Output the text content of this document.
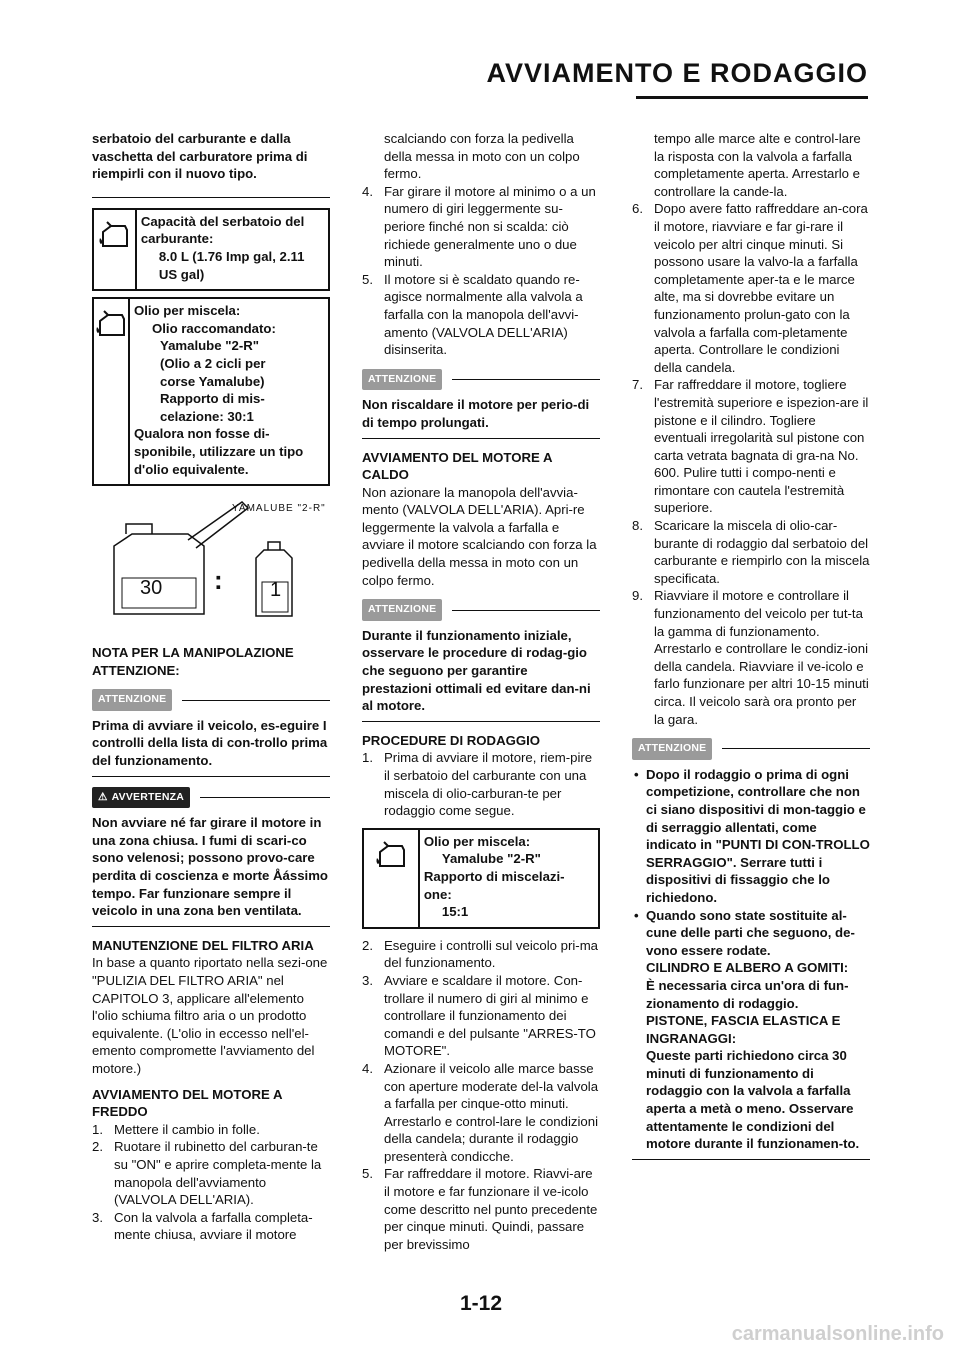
AVVIAMENTO E RODAGGIO

serbatoio del carburante e dalla vaschetta del carburatore prima di riempirli con il nuovo tipo.

Capacità del serbatoio del carburante:
8.0 L (1.76 Imp gal, 2.11 US gal)
Olio per miscela:
Olio raccomandato:
Yamalube "2-R"
(Olio a 2 cicli per
corse Yamalube)
Rapporto di mis-
celazione: 30:1
Qualora non fosse di-sponibile, utilizzare un tipo d'olio equivalente.
YAMALUBE "2-R"
30 : 1

NOTA PER LA MANIPOLAZIONE ATTENZIONE:

ATTENZIONE

Prima di avviare il veicolo, es-eguire I controlli della lista di con-trollo prima del funzionamento.

⚠ AVVERTENZA

Non avviare né far girare il motore in una zona chiusa. I fumi di scari-co sono velenosi; possono provo-care perdita di coscienza e morte Åássimo tempo. Far funzionare sempre il veicolo in una zona ben ventilata.

MANUTENZIONE DEL FILTRO ARIA

In base a quanto riportato nella sezi-one "PULIZIA DEL FILTRO ARIA" nel CAPITOLO 3, applicare all'elemento l'olio schiuma filtro aria o un prodotto equivalente. (L'olio in eccesso nell'el-emento compromette l'avviamento del motore.)

AVVIAMENTO DEL MOTORE A FREDDO

1. Mettere il cambio in folle.
2. Ruotare il rubinetto del carburan-te su "ON" e aprire completa-mente la manopola dell'avviamento (VALVOLA DELL'ARIA).
3. Con la valvola a farfalla completa-mente chiusa, avviare il motore

scalciando con forza la pedivella della messa in moto con un colpo fermo.

4. Far girare il motore al minimo o a un numero di giri leggermente su-periore finché non si scalda: ciò richiede generalmente uno o due minuti.
5. Il motore si è scaldato quando re-agisce normalmente alla valvola a farfalla con la manopola dell'avvi-amento (VALVOLA DELL'ARIA) disinserita.
ATTENZIONE

Non riscaldare il motore per perio-di di tempo prolungati.

AVVIAMENTO DEL MOTORE A CALDO

Non azionare la manopola dell'avvia-mento (VALVOLA DELL'ARIA). Apri-re leggermente la valvola a farfalla e avviare il motore scalciando con forza la pedivella della messa in moto con un colpo fermo.

ATTENZIONE

Durante il funzionamento iniziale, osservare le procedure di rodag-gio che seguono per garantire prestazioni ottimali ed evitare dan-ni al motore.

PROCEDURE DI RODAGGIO

1. Prima di avviare il motore, riem-pire il serbatoio del carburante con una miscela di olio-carburan-te per rodaggio come segue.
Olio per miscela:
Yamalube "2-R"
Rapporto di miscelazi-one:
15:1
2. Eseguire i controlli sul veicolo pri-ma del funzionamento.
3. Avviare e scaldare il motore. Con-trollare il numero di giri al minimo e controllare il funzionamento dei comandi e del pulsante "ARRES-TO MOTORE".
4. Azionare il veicolo alle marce basse con aperture moderate del-la valvola a farfalla per cinque-otto minuti. Arrestarlo e control-lare le condizioni della candela; durante il rodaggio presenterà condicche.
5. Far raffreddare il motore. Riavvi-are il motore e far funzionare il ve-icolo come descritto nel punto precedente per cinque minuti. Quindi, passare per brevissimo

tempo alle marce alte e control-lare la risposta con la valvola a farfalla completamente aperta. Arrestarlo e controllare la cande-la.

6. Dopo avere fatto raffreddare an-cora il motore, riavviare e far gi-rare il veicolo per altri cinque minuti. Si possono usare la valvo-la a farfalla completamente aper-ta e le marce alte, ma si dovrebbe evitare un funzionamento prolun-gato con la valvola a farfalla com-pletamente aperta. Controllare le condizioni della candela.
7. Far raffreddare il motore, togliere l'estremità superiore e ispezion-are il pistone e il cilindro. Togliere eventuali irregolarità sul pistone con carta vetrata bagnata di gra-na No. 600. Pulire tutti i compo-nenti e rimontare con cautela l'estremità superiore.
8. Scaricare la miscela di olio-car-burante di rodaggio dal serbatoio del carburante e riempirlo con la miscela specificata.
9. Riavviare il motore e controllare il funzionamento del veicolo per tut-ta la gamma di funzionamento. Arrestarlo e controllare le condiz-ioni della candela. Riavviare il ve-icolo e farlo funzionare per altri 10-15 minuti circa. Il veicolo sarà ora pronto per la gara.
ATTENZIONE
• Dopo il rodaggio o prima di ogni competizione, controllare che non ci siano dispositivi di mon-taggio e di serraggio allentati, come indicato in "PUNTI DI CON-TROLLO SERRAGGIO". Serrare tutti i dispositivi di fissaggio che lo richiedono.
• Quando sono state sostituite al-cune delle parti che seguono, de-vono essere rodate.
CILINDRO E ALBERO A GOMITI:
È necessaria circa un'ora di fun-zionamento di rodaggio.
PISTONE, FASCIA ELASTICA E INGRANAGGI:
Queste parti richiedono circa 30 minuti di funzionamento di rodaggio con la valvola a farfalla aperta a metà o meno. Osservare attentamente le condizioni del motore durante il funzionamen-to.
1-12
carmanualsonline.info
